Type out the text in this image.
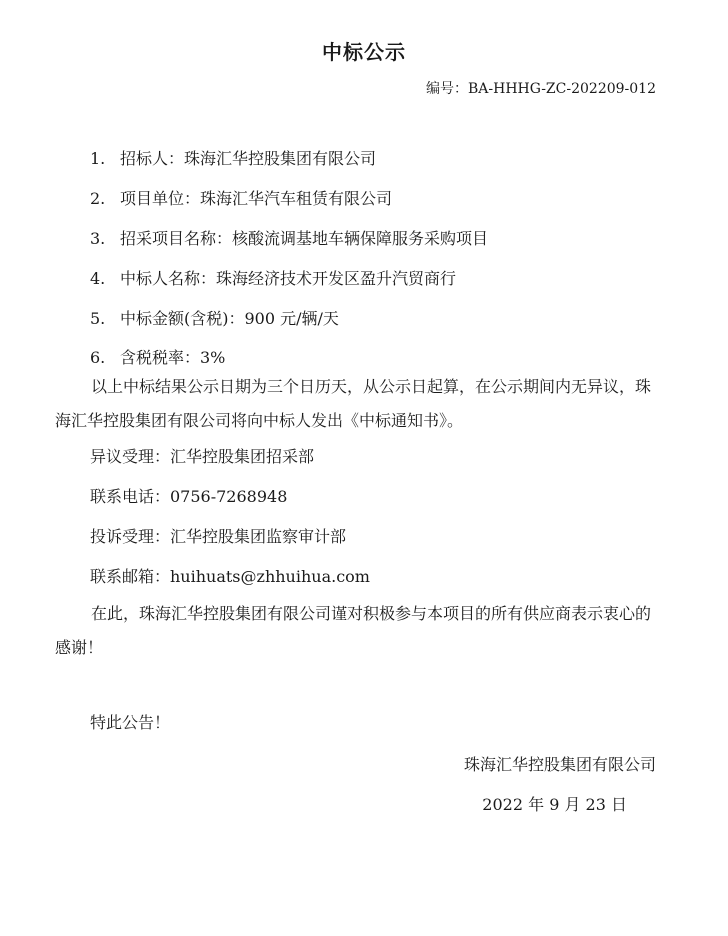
中标公示
编号：BA-HHHG-ZC-202209-012
1. 招标人：珠海汇华控股集团有限公司
2. 项目单位：珠海汇华汽车租赁有限公司
3. 招采项目名称：核酸流调基地车辆保障服务采购项目
4. 中标人名称：珠海经济技术开发区盈升汽贸商行
5. 中标金额(含税)：900 元/辆/天
6. 含税税率：3%
以上中标结果公示日期为三个日历天，从公示日起算，在公示期间内无异议，珠海汇华控股集团有限公司将向中标人发出《中标通知书》。
异议受理：汇华控股集团招采部
联系电话：0756-7268948
投诉受理：汇华控股集团监察审计部
联系邮箱：huihuats@zhhuihua.com
在此，珠海汇华控股集团有限公司谨对积极参与本项目的所有供应商表示衷心的感谢！
特此公告！
珠海汇华控股集团有限公司
2022 年 9 月 23 日
